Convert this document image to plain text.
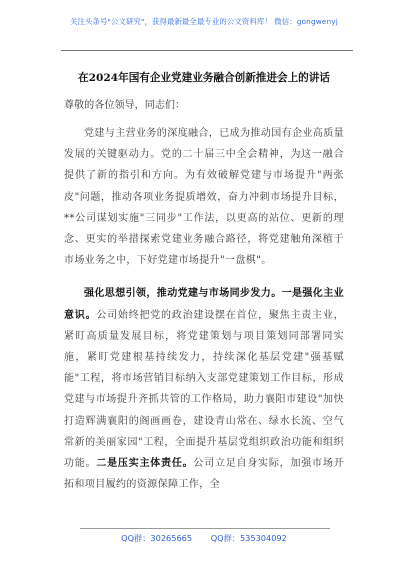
关注头条号"公文研究"，获得最新最全最专业的公文资料库！ 微信：gongwenyj
在2024年国有企业党建业务融合创新推进会上的讲话
尊敬的各位领导，同志们：

党建与主营业务的深度融合，已成为推动国有企业高质量发展的关键驱动力。党的二十届三中全会精神，为这一融合提供了新的指引和方向。为有效破解党建与市场提升"两张皮"问题，推动各项业务提质增效，奋力冲刺市场提升目标，**公司谋划实施"三同步"工作法，以更高的站位、更新的理念、更实的举措探索党建业务融合路径，将党建触角深植于市场业务之中，下好党建市场提升"一盘棋"。

强化思想引领，推动党建与市场同步发力。一是强化主业意识。公司始终把党的政治建设摆在首位，聚焦主责主业，紧盯高质量发展目标，将党建策划与项目策划同部署同实施，紧盯党建根基持续发力，持续深化基层党建"强基赋能"工程，将市场营销目标纳入支部党建策划工作目标，形成党建与市场提升齐抓共管的工作格局，助力襄阳市建设"加快打造辉满襄阳的阁画画卷，建设青山常在、绿水长流、空气常新的美丽家园"工程，全面提升基层党组织政治功能和组织功能。二是压实主体责任。公司立足自身实际，加强市场开拓和项目履约的资源保障工作，全

QQ群：30265665 QQ群：535304092
